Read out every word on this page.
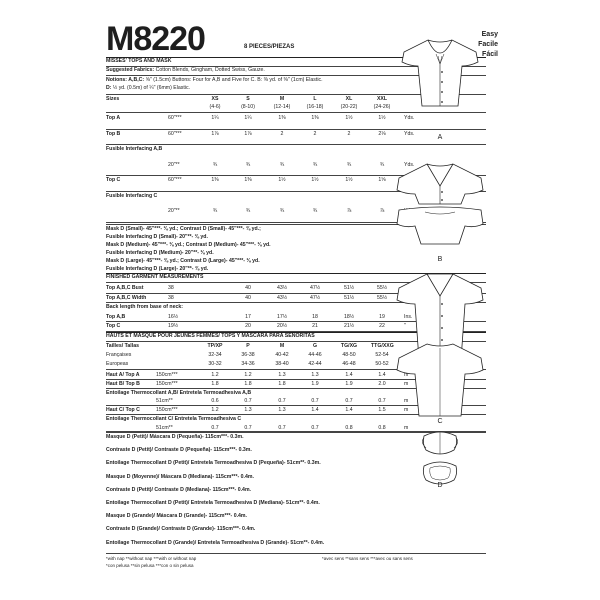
M8220	8 PIECES/PIEZAS
Easy
Facile
Fácil
MISSES' TOPS AND MASK
Suggested Fabrics: Cotton Blends, Gingham, Dotted Swiss, Gauze.
Notions: A,B,C: ⅝" (1.5cm) Buttons: Four for A,B and Five for C. B: ⅜ yd. of ⅜" (1cm) Elastic.
D: ½ yd. (0.5m) of ¼" (6mm) Elastic.
Sizes	XS	S	M	L	XL	XXL
(4-6)	(8-10)	(12-14)	(16-18)	(20-22)	(24-26)
Top A	60"***	1¼	1¼	1⅜	1⅜	1½	1½	Yds.
Top B	60"***	1⅞	1⅞	2	2	2	2⅛	Yds.
Fusible Interfacing A,B
20"**	¾	¾	¾	¾	¾	¾	Yds.
Top C	60"***	1⅜	1⅜	1½	1½	1½	1⅝
Fusible Interfacing C
20"**	¾	¾	¾	¾	⅞	⅞
Mask D (Small)- 45"***- ⅜ yd.; Contrast D (Small)- 45"***- ⅜ yd.;
Fusible Interfacing D (Small)- 20"**- ⅜ yd.
Mask D (Medium)- 45"***- ⅜ yd.; Contrast D (Medium)- 45"***- ⅜ yd.
Fusible Interfacing D (Medium)- 20"**- ⅜ yd.
Mask D (Large)- 45"***- ⅜ yd.; Contrast D (Large)- 45"***- ⅜ yd.
Fusible Interfacing D (Large)- 20"**- ⅜ yd.
FINISHED GARMENT MEASUREMENTS
Top A,B,C Bust	38	40	43½	47½	51½	55½
Top A,B,C Width	38	40	43½	47½	51½	55½
Back length from base of neck:
Top A,B	16½	17	17½	18	18½	19	Ins.
Top C	19½	20	20½	21	21½	22	"
HAUTS ET MASQUE POUR JEUNES FEMMES/ TOPS Y MÁSCARA PARA SEÑORITAS
Tailles/ Tallas	TP/XP	P	M	G	TG/XG	TTG/XXG
Françaises	32-34	36-38	40-42	44-46	48-50	52-54
Europeas	30-32	34-36	38-40	42-44	46-48	50-52
Haut A/ Top A	150cm***	1.2	1.2	1.3	1.3	1.4	1.4	m
Haut B/ Top B	150cm***	1.8	1.8	1.8	1.9	1.9	2.0	m
Entoilage Thermocollant A,B/ Entretela Termoadhesiva A,B
51cm**	0.6	0.7	0.7	0.7	0.7	0.7	m
Haut C/ Top C	150cm***	1.2	1.3	1.3	1.4	1.4	1.5	m
Entoilage Thermocollant C/ Entretela Termoadhesiva C
51cm**	0.7	0.7	0.7	0.7	0.8	0.8	m
Masque D (Petit)/ Máscara D (Pequeña)- 115cm***- 0.3m.
Contraste D (Petit)/ Contraste D (Pequeña)- 115cm***- 0.3m.
Entoilage Thermocollant D (Petit)/ Entretela Termoadhesiva D (Pequeña)- 51cm**- 0.3m.
Masque D (Moyenne)/ Máscara D (Mediana)- 115cm***- 0.4m.
Contraste D (Petit)/ Contraste D (Mediana)- 115cm***- 0.4m.
Entoilage Thermocollant D (Petit)/ Entretela Termoadhesiva D (Mediana)- 51cm**- 0.4m.
Masque D (Grande)/ Máscara D (Grande)- 115cm***- 0.4m.
Contraste D (Grande)/ Contraste D (Grande)- 115cm***- 0.4m.
Entoilage Thermocollant D (Grande)/ Entretela Termoadhesiva D (Grande)- 51cm**- 0.4m.
*with nap **without nap ***with or without nap
*con pelusa **sin pelusa ***con o sin pelusa
*avec sens **sans sens ***avec ou sans sens
A
B
C
D
